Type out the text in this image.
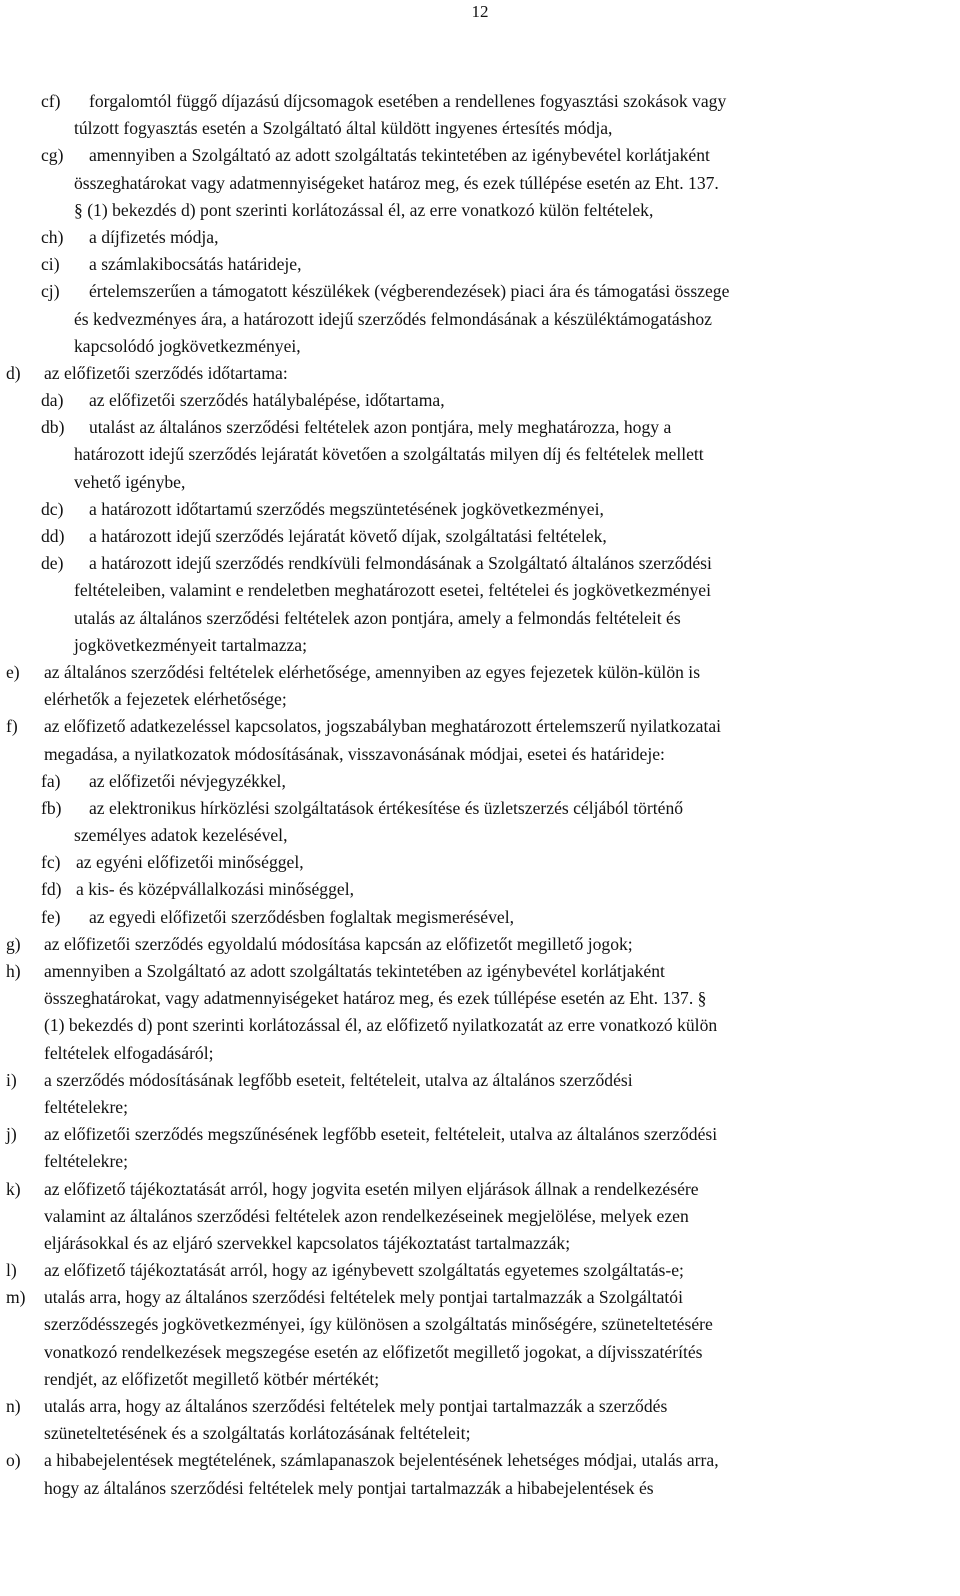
12
cf) forgalomtól függő díjazású díjcsomagok esetében a rendellenes fogyasztási szokások vagy
túlzott fogyasztás esetén a Szolgáltató által küldött ingyenes értesítés módja,
cg) amennyiben a Szolgáltató az adott szolgáltatás tekintetében az igénybevétel korlátjaként
összeghatárokat vagy adatmennyiségeket határoz meg, és ezek túllépése esetén az Eht. 137.
§ (1) bekezdés d) pont szerinti korlátozással él, az erre vonatkozó külön feltételek,
ch) a díjfizetés módja,
ci) a számlakibocsátás határideje,
cj) értelemszerűen a támogatott készülékek (végberendezések) piaci ára és támogatási összege
és kedvezményes ára, a határozott idejű szerződés felmondásának a készüléktámogatáshoz
kapcsolódó jogkövetkezményei,
d) az előfizetői szerződés időtartama:
da) az előfizetői szerződés hatálybalépése, időtartama,
db) utalást az általános szerződési feltételek azon pontjára, mely meghatározza, hogy a
határozott idejű szerződés lejáratát követően a szolgáltatás milyen díj és feltételek mellett
vehető igénybe,
dc) a határozott időtartamú szerződés megszüntetésének jogkövetkezményei,
dd) a határozott idejű szerződés lejáratát követő díjak, szolgáltatási feltételek,
de) a határozott idejű szerződés rendkívüli felmondásának a Szolgáltató általános szerződési
feltételeiben, valamint e rendeletben meghatározott esetei, feltételei és jogkövetkezményei
utalás az általános szerződési feltételek azon pontjára, amely a felmondás feltételeit és
jogkövetkezményeit tartalmazza;
e) az általános szerződési feltételek elérhetősége, amennyiben az egyes fejezetek külön-külön is
elérhetők a fejezetek elérhetősége;
f) az előfizető adatkezeléssel kapcsolatos, jogszabályban meghatározott értelemszerű nyilatkozatai
megadása, a nyilatkozatok módosításának, visszavonásának módjai, esetei és határideje:
fa) az előfizetői névjegyzékkel,
fb) az elektronikus hírközlési szolgáltatások értékesítése és üzletszerzés céljából történő
személyes adatok kezelésével,
fc) az egyéni előfizetői minőséggel,
fd) a kis- és középvállalkozási minőséggel,
fe) az egyedi előfizetői szerződésben foglaltak megismerésével,
g) az előfizetői szerződés egyoldalú módosítása kapcsán az előfizetőt megillető jogok;
h) amennyiben a Szolgáltató az adott szolgáltatás tekintetében az igénybevétel korlátjaként
összeghatárokat, vagy adatmennyiségeket határoz meg, és ezek túllépése esetén az Eht. 137. §
(1) bekezdés d) pont szerinti korlátozással él, az előfizető nyilatkozatát az erre vonatkozó külön
feltételek elfogadásáról;
i) a szerződés módosításának legfőbb eseteit, feltételeit, utalva az általános szerződési
feltételekre;
j) az előfizetői szerződés megszűnésének legfőbb eseteit, feltételeit, utalva az általános szerződési
feltételekre;
k) az előfizető tájékoztatását arról, hogy jogvita esetén milyen eljárások állnak a rendelkezésére
valamint az általános szerződési feltételek azon rendelkezéseinek megjelölése, melyek ezen
eljárásokkal és az eljáró szervekkel kapcsolatos tájékoztatást tartalmazzák;
l) az előfizető tájékoztatását arról, hogy az igénybevett szolgáltatás egyetemes szolgáltatás-e;
m) utalás arra, hogy az általános szerződési feltételek mely pontjai tartalmazzák a Szolgáltatói
szerződésszegés jogkövetkezményei, így különösen a szolgáltatás minőségére, szüneteltetésére
vonatkozó rendelkezések megszegése esetén az előfizetőt megillető jogokat, a díjvisszatérítés
rendjét, az előfizetőt megillető kötbér mértékét;
n) utalás arra, hogy az általános szerződési feltételek mely pontjai tartalmazzák a szerződés
szüneteltetésének és a szolgáltatás korlátozásának feltételeit;
o) a hibabejelentések megtételének, számlapanaszok bejelentésének lehetséges módjai, utalás arra,
hogy az általános szerződési feltételek mely pontjai tartalmazzák a hibabejelentések és
